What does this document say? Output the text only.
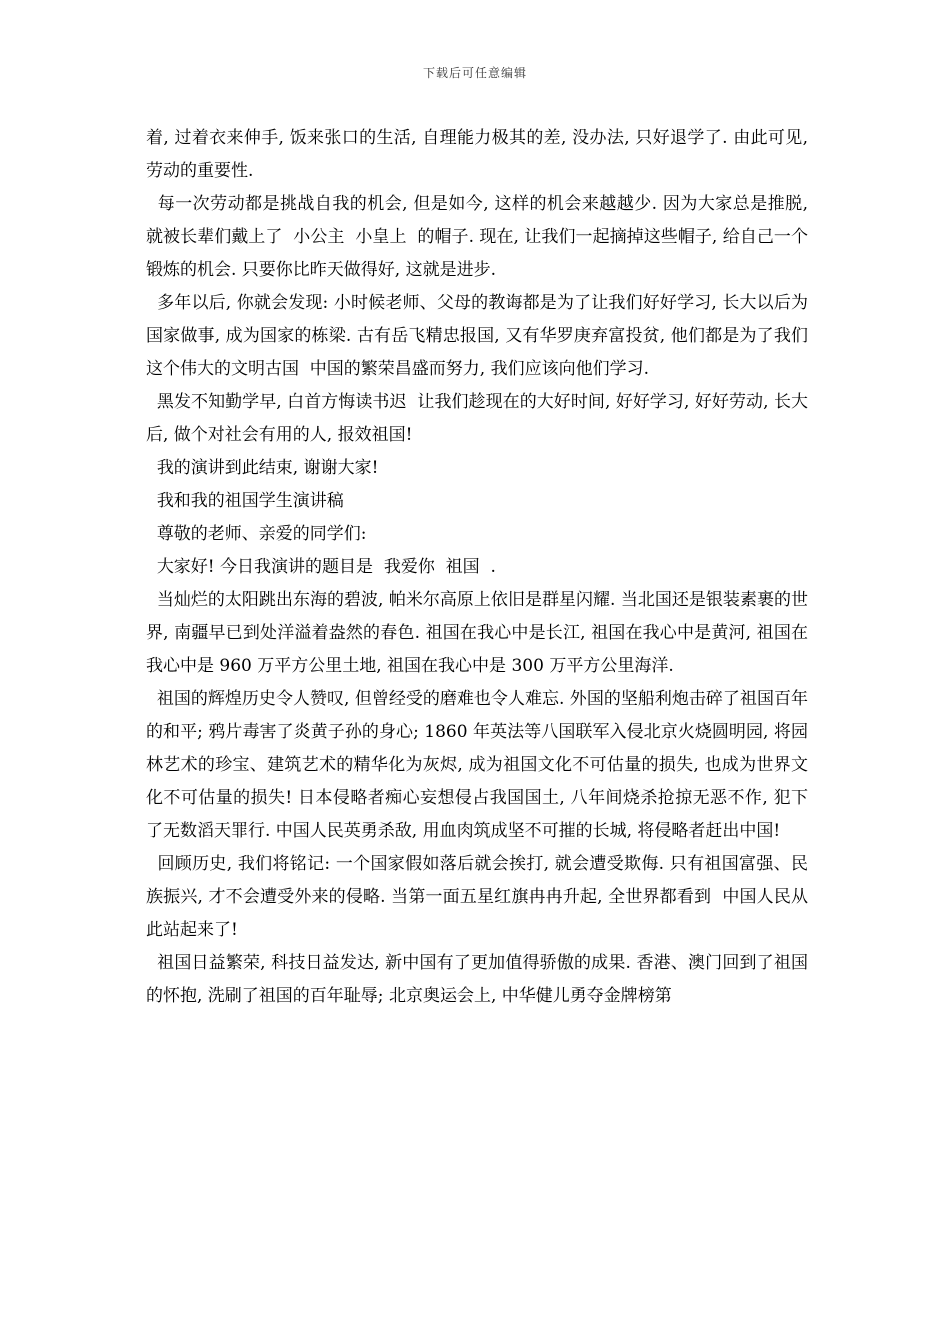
下载后可任意编辑

着, 过着衣来伸手, 饭来张口的生活, 自理能力极其的差, 没办法, 只好退学了. 由此可见, 劳动的重要性.

每一次劳动都是挑战自我的机会, 但是如今, 这样的机会来越越少. 因为大家总是推脱, 就被长辈们戴上了  小公主  小皇上  的帽子. 现在, 让我们一起摘掉这些帽子, 给自己一个锻炼的机会. 只要你比昨天做得好, 这就是进步.

多年以后, 你就会发现: 小时候老师、父母的教诲都是为了让我们好好学习, 长大以后为国家做事, 成为国家的栋梁. 古有岳飞精忠报国, 又有华罗庚弃富投贫, 他们都是为了我们这个伟大的文明古国  中国的繁荣昌盛而努力, 我们应该向他们学习.

黑发不知勤学早, 白首方悔读书迟  让我们趁现在的大好时间, 好好学习, 好好劳动, 长大后, 做个对社会有用的人, 报效祖国!

我的演讲到此结束, 谢谢大家!

我和我的祖国学生演讲稿

尊敬的老师、亲爱的同学们:

大家好! 今日我演讲的题目是  我爱你  祖国  .

当灿烂的太阳跳出东海的碧波, 帕米尔高原上依旧是群星闪耀. 当北国还是银装素裹的世界, 南疆早已到处洋溢着盎然的春色. 祖国在我心中是长江, 祖国在我心中是黄河, 祖国在我心中是 960 万平方公里土地, 祖国在我心中是 300 万平方公里海洋.

祖国的辉煌历史令人赞叹, 但曾经受的磨难也令人难忘. 外国的坚船利炮击碎了祖国百年的和平; 鸦片毒害了炎黄子孙的身心; 1860 年英法等八国联军入侵北京火烧圆明园, 将园林艺术的珍宝、建筑艺术的精华化为灰烬, 成为祖国文化不可估量的损失, 也成为世界文化不可估量的损失! 日本侵略者痴心妄想侵占我国国土, 八年间烧杀抢掠无恶不作, 犯下了无数滔天罪行. 中国人民英勇杀敌, 用血肉筑成坚不可摧的长城, 将侵略者赶出中国!

回顾历史, 我们将铭记: 一个国家假如落后就会挨打, 就会遭受欺侮. 只有祖国富强、民族振兴, 才不会遭受外来的侵略. 当第一面五星红旗冉冉升起, 全世界都看到  中国人民从此站起来了!

祖国日益繁荣, 科技日益发达, 新中国有了更加值得骄傲的成果. 香港、澳门回到了祖国的怀抱, 洗刷了祖国的百年耻辱; 北京奥运会上, 中华健儿勇夺金牌榜第
